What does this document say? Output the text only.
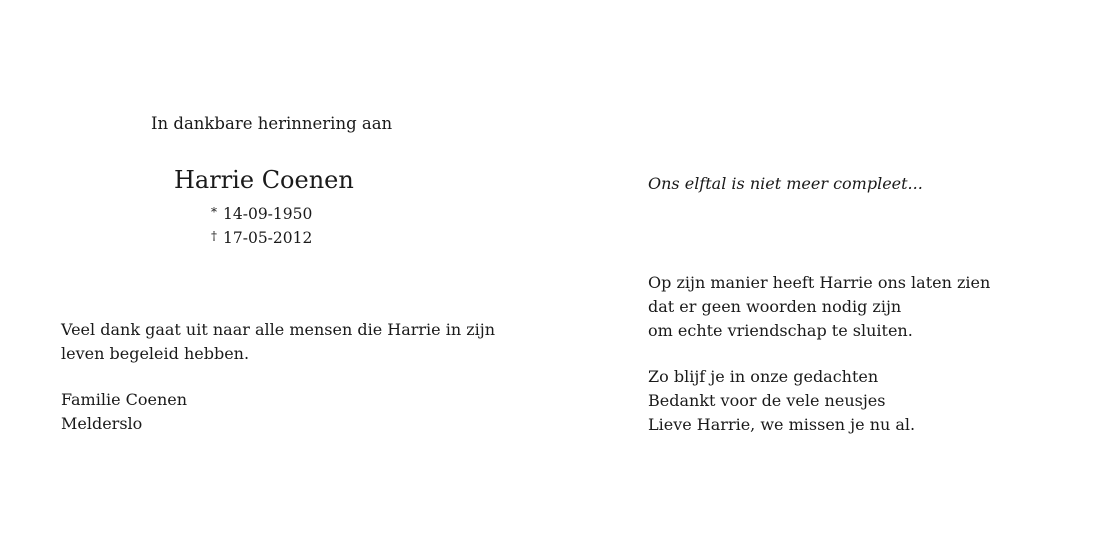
In dankbare herinnering aan
Harrie Coenen
* 14-09-1950
† 17-05-2012
Veel dank gaat uit naar alle mensen die Harrie in zijn
leven begeleid hebben.
Familie Coenen
Melderslo
Ons elftal is niet meer compleet...
Op zijn manier heeft Harrie ons laten zien
dat er geen woorden nodig zijn
om echte vriendschap te sluiten.
Zo blijf je in onze gedachten
Bedankt voor de vele neusjes
Lieve Harrie, we missen je nu al.
